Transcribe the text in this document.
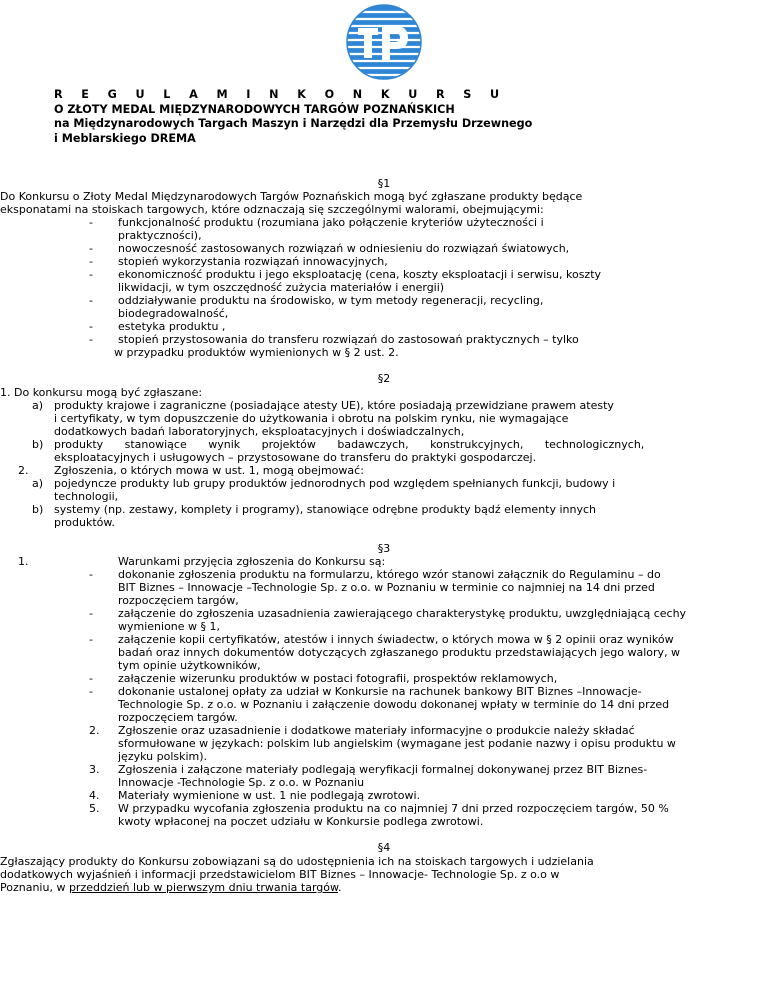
R E G U L A M I N K O N K U R S U
O ZŁOTY MEDAL MIĘDZYNARODOWYCH TARGÓW POZNAŃSKICH
na Międzynarodowych Targach Maszyn i Narzędzi dla Przemysłu Drzewnego
i Meblarskiego DREMA
§1
Do Konkursu o Złoty Medal Międzynarodowych Targów Poznańskich mogą być zgłaszane produkty będące
eksponatami na stoiskach targowych, które odznaczają się szczególnymi walorami, obejmującymi:
- funkcjonalność produktu (rozumiana jako połączenie kryteriów użyteczności i
praktyczności),
- nowoczesność zastosowanych rozwiązań w odniesieniu do rozwiązań światowych,
- stopień wykorzystania rozwiązań innowacyjnych,
- ekonomiczność produktu i jego eksploatację (cena, koszty eksploatacji i serwisu, koszty
likwidacji, w tym oszczędność zużycia materiałów i energii)
- oddziaływanie produktu na środowisko, w tym metody regeneracji, recycling,
biodegradowalność,
- estetyka produktu ,
- stopień przystosowania do transferu rozwiązań do zastosowań praktycznych – tylko
w przypadku produktów wymienionych w § 2 ust. 2.
§2
1. Do konkursu mogą być zgłaszane:
a) produkty krajowe i zagraniczne (posiadające atesty UE), które posiadają przewidziane prawem atesty
i certyfikaty, w tym dopuszczenie do użytkowania i obrotu na polskim rynku, nie wymagające
dodatkowych badań laboratoryjnych, eksploatacyjnych i doświadczalnych,
b) produkty stanowiące wynik projektów badawczych, konstrukcyjnych, technologicznych,
eksploatacyjnych i usługowych – przystosowane do transferu do praktyki gospodarczej.
2. Zgłoszenia, o których mowa w ust. 1, mogą obejmować:
a) pojedyncze produkty lub grupy produktów jednorodnych pod względem spełnianych funkcji, budowy i
technologii,
b) systemy (np. zestawy, komplety i programy), stanowiące odrębne produkty bądź elementy innych
produktów.
§3
1.	Warunkami przyjęcia zgłoszenia do Konkursu są:
- dokonanie zgłoszenia produktu na formularzu, którego wzór stanowi załącznik do Regulaminu – do
BIT Biznes – Innowacje –Technologie Sp. z o.o. w Poznaniu w terminie co najmniej na 14 dni przed
rozpoczęciem targów,
- załączenie do zgłoszenia uzasadnienia zawierającego charakterystykę produktu, uwzględniającą cechy
wymienione w § 1,
- załączenie kopii certyfikatów, atestów i innych świadectw, o których mowa w § 2 opinii oraz wyników
badań oraz innych dokumentów dotyczących zgłaszanego produktu przedstawiających jego walory, w
tym opinie użytkowników,
- załączenie wizerunku produktów w postaci fotografii, prospektów reklamowych,
- dokonanie ustalonej opłaty za udział w Konkursie na rachunek bankowy BIT Biznes –Innowacje-
Technologie Sp. z o.o. w Poznaniu i załączenie dowodu dokonanej wpłaty w terminie do 14 dni przed
rozpoczęciem targów.
2. Zgłoszenie oraz uzasadnienie i dodatkowe materiały informacyjne o produkcie należy składać
sformułowane w językach: polskim lub angielskim (wymagane jest podanie nazwy i opisu produktu w
języku polskim).
3. Zgłoszenia i załączone materiały podlegają weryfikacji formalnej dokonywanej przez BIT Biznes-
Innowacje -Technologie Sp. z o.o. w Poznaniu
4. Materiały wymienione w ust. 1 nie podlegają zwrotowi.
5. W przypadku wycofania zgłoszenia produktu na co najmniej 7 dni przed rozpoczęciem targów, 50 %
kwoty wpłaconej na poczet udziału w Konkursie podlega zwrotowi.
§4
Zgłaszający produkty do Konkursu zobowiązani są do udostępnienia ich na stoiskach targowych i udzielania
dodatkowych wyjaśnień i informacji przedstawicielom BIT Biznes – Innowacje- Technologie Sp. z o.o w
Poznaniu, w przeddzień lub w pierwszym dniu trwania targów.
